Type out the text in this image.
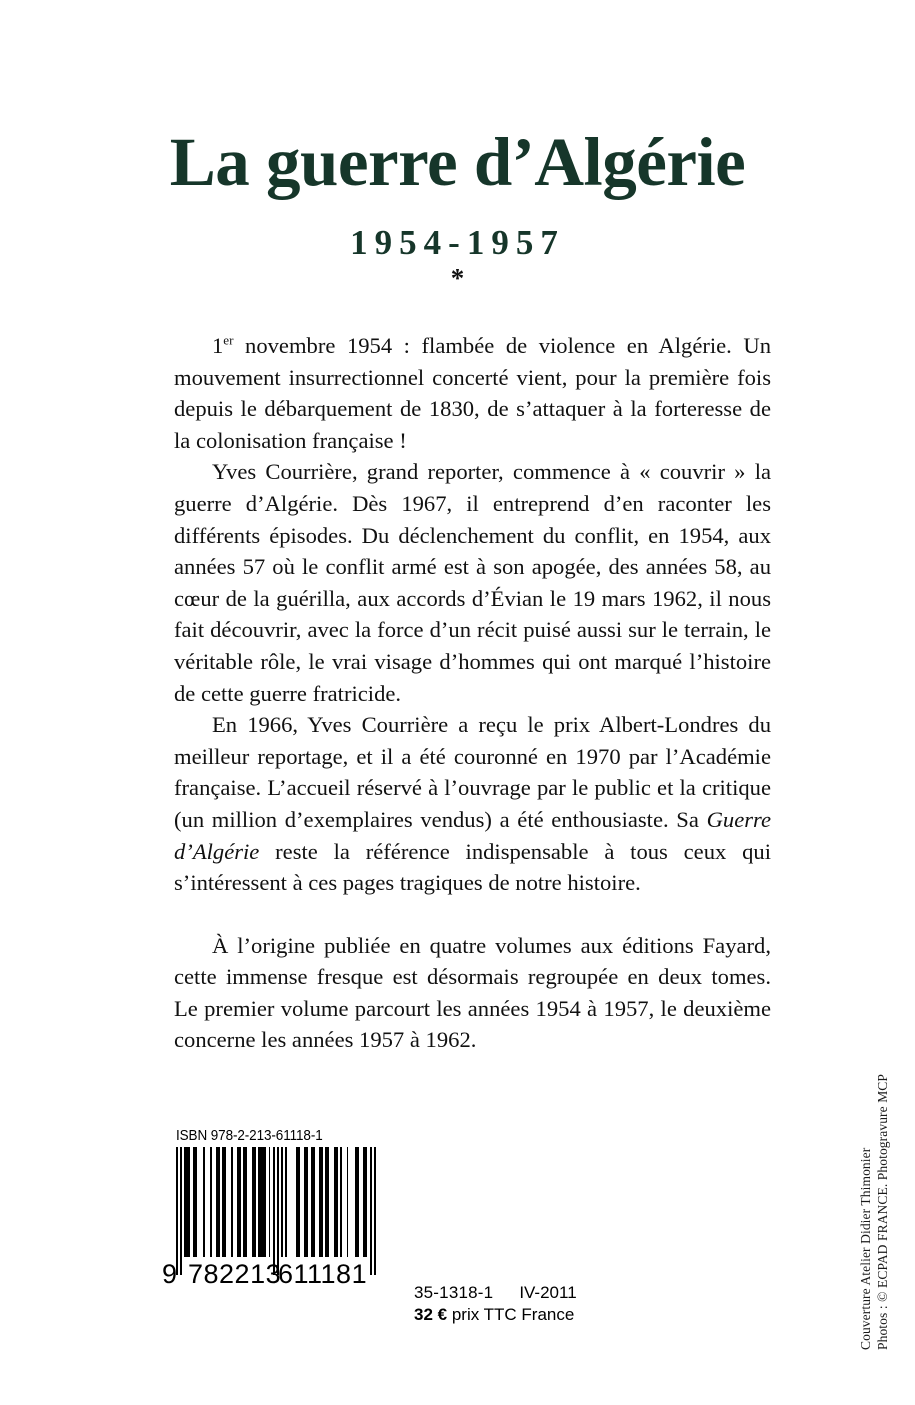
La guerre d’Algérie
1954-1957
*

1er novembre 1954 : flambée de violence en Algérie. Un mouvement insurrectionnel concerté vient, pour la première fois depuis le débarquement de 1830, de s’attaquer à la forteresse de la colonisation française !

Yves Courrière, grand reporter, commence à « couvrir » la guerre d’Algérie. Dès 1967, il entreprend d’en raconter les différents épisodes. Du déclenchement du conflit, en 1954, aux années 57 où le conflit armé est à son apogée, des années 58, au cœur de la guérilla, aux accords d’Évian le 19 mars 1962, il nous fait découvrir, avec la force d’un récit puisé aussi sur le terrain, le véritable rôle, le vrai visage d’hommes qui ont marqué l’histoire de cette guerre fratricide.

En 1966, Yves Courrière a reçu le prix Albert-Londres du meilleur reportage, et il a été couronné en 1970 par l’Académie française. L’accueil réservé à l’ouvrage par le public et la critique (un million d’exemplaires vendus) a été enthousiaste. Sa Guerre d’Algérie reste la référence indispensable à tous ceux qui s’intéressent à ces pages tragiques de notre histoire.

À l’origine publiée en quatre volumes aux éditions Fayard, cette immense fresque est désormais regroupée en deux tomes. Le premier volume parcourt les années 1954 à 1957, le deuxième concerne les années 1957 à 1962.

ISBN 978-2-213-61118-1
9 782213
611181
35-1318-1 IV-2011
32 € prix TTC France	Couverture Atelier Didier Thimonier Photos : © ECPAD FRANCE. Photogravure MCP
